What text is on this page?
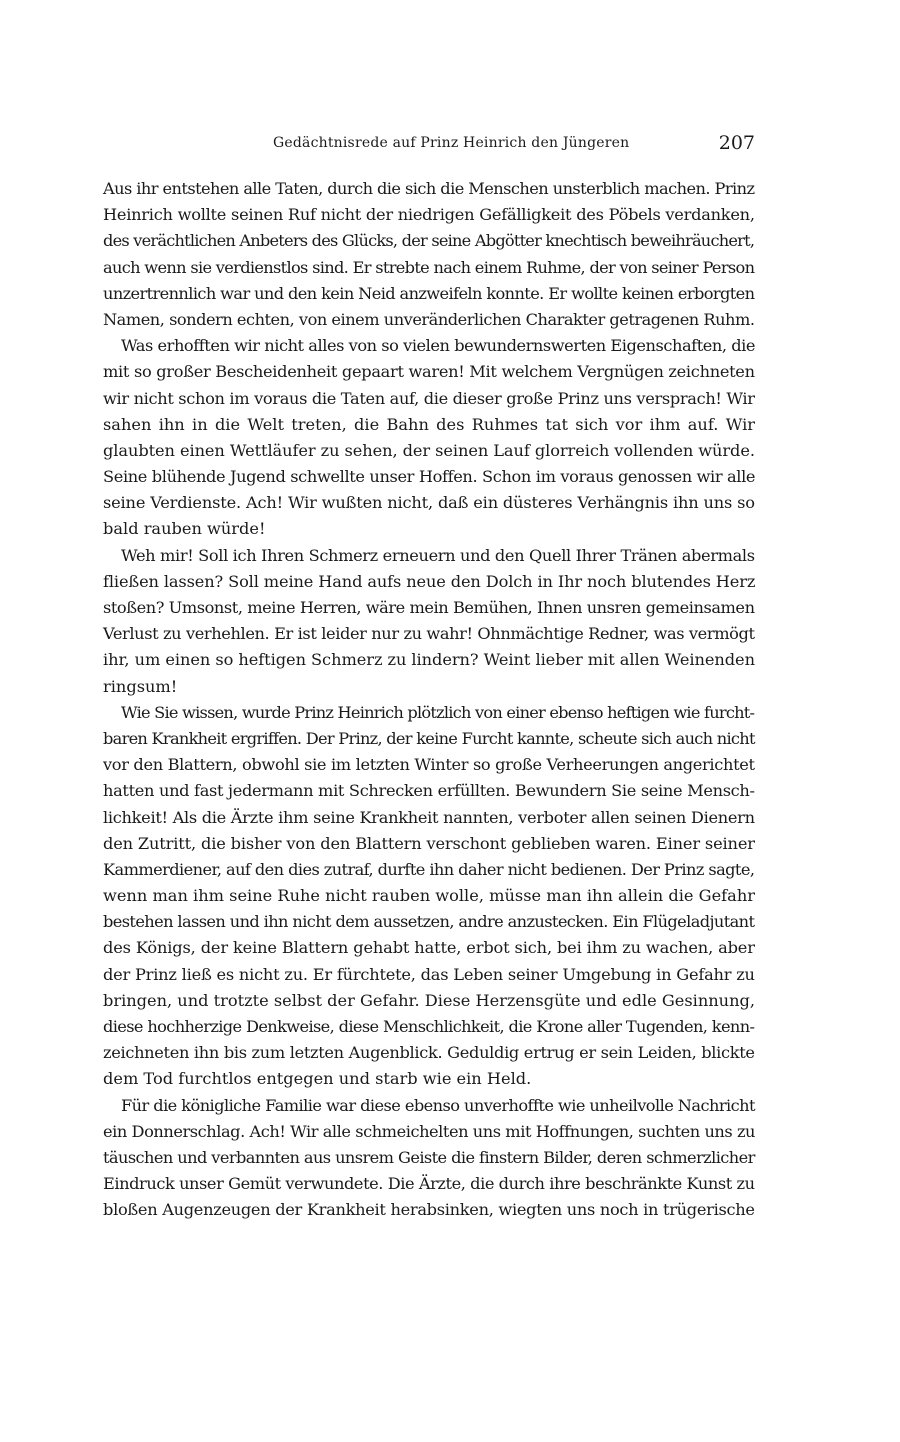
Gedächtnisrede auf Prinz Heinrich den Jüngeren	207
Aus ihr entstehen alle Taten, durch die sich die Menschen unsterblich machen. Prinz
Heinrich wollte seinen Ruf nicht der niedrigen Gefälligkeit des Pöbels verdanken,
des verächtlichen Anbeters des Glücks, der seine Abgötter knechtisch beweihräuchert,
auch wenn sie verdienstlos sind. Er strebte nach einem Ruhme, der von seiner Person
unzertrennlich war und den kein Neid anzweifeln konnte. Er wollte keinen erborgten
Namen, sondern echten, von einem unveränderlichen Charakter getragenen Ruhm.
Was erhofften wir nicht alles von so vielen bewundernswerten Eigenschaften, die
mit so großer Bescheidenheit gepaart waren! Mit welchem Vergnügen zeichneten
wir nicht schon im voraus die Taten auf, die dieser große Prinz uns versprach! Wir
sahen ihn in die Welt treten, die Bahn des Ruhmes tat sich vor ihm auf. Wir
glaubten einen Wettläufer zu sehen, der seinen Lauf glorreich vollenden würde.
Seine blühende Jugend schwellte unser Hoffen. Schon im voraus genossen wir alle
seine Verdienste. Ach! Wir wußten nicht, daß ein düsteres Verhängnis ihn uns so
bald rauben würde!
Weh mir! Soll ich Ihren Schmerz erneuern und den Quell Ihrer Tränen abermals
fließen lassen? Soll meine Hand aufs neue den Dolch in Ihr noch blutendes Herz
stoßen? Umsonst, meine Herren, wäre mein Bemühen, Ihnen unsren gemeinsamen
Verlust zu verhehlen. Er ist leider nur zu wahr! Ohnmächtige Redner, was vermögt
ihr, um einen so heftigen Schmerz zu lindern? Weint lieber mit allen Weinenden
ringsum!
Wie Sie wissen, wurde Prinz Heinrich plötzlich von einer ebenso heftigen wie furcht-
baren Krankheit ergriffen. Der Prinz, der keine Furcht kannte, scheute sich auch nicht
vor den Blattern, obwohl sie im letzten Winter so große Verheerungen angerichtet
hatten und fast jedermann mit Schrecken erfüllten. Bewundern Sie seine Mensch-
lichkeit! Als die Ärzte ihm seine Krankheit nannten, verboter allen seinen Dienern
den Zutritt, die bisher von den Blattern verschont geblieben waren. Einer seiner
Kammerdiener, auf den dies zutraf, durfte ihn daher nicht bedienen. Der Prinz sagte,
wenn man ihm seine Ruhe nicht rauben wolle, müsse man ihn allein die Gefahr
bestehen lassen und ihn nicht dem aussetzen, andre anzustecken. Ein Flügeladjutant
des Königs, der keine Blattern gehabt hatte, erbot sich, bei ihm zu wachen, aber
der Prinz ließ es nicht zu. Er fürchtete, das Leben seiner Umgebung in Gefahr zu
bringen, und trotzte selbst der Gefahr. Diese Herzensgüte und edle Gesinnung,
diese hochherzige Denkweise, diese Menschlichkeit, die Krone aller Tugenden, kenn-
zeichneten ihn bis zum letzten Augenblick. Geduldig ertrug er sein Leiden, blickte
dem Tod furchtlos entgegen und starb wie ein Held.
Für die königliche Familie war diese ebenso unverhoffte wie unheilvolle Nachricht
ein Donnerschlag. Ach! Wir alle schmeichelten uns mit Hoffnungen, suchten uns zu
täuschen und verbannten aus unsrem Geiste die finstern Bilder, deren schmerzlicher
Eindruck unser Gemüt verwundete. Die Ärzte, die durch ihre beschränkte Kunst zu
bloßen Augenzeugen der Krankheit herabsinken, wiegten uns noch in trügerische
